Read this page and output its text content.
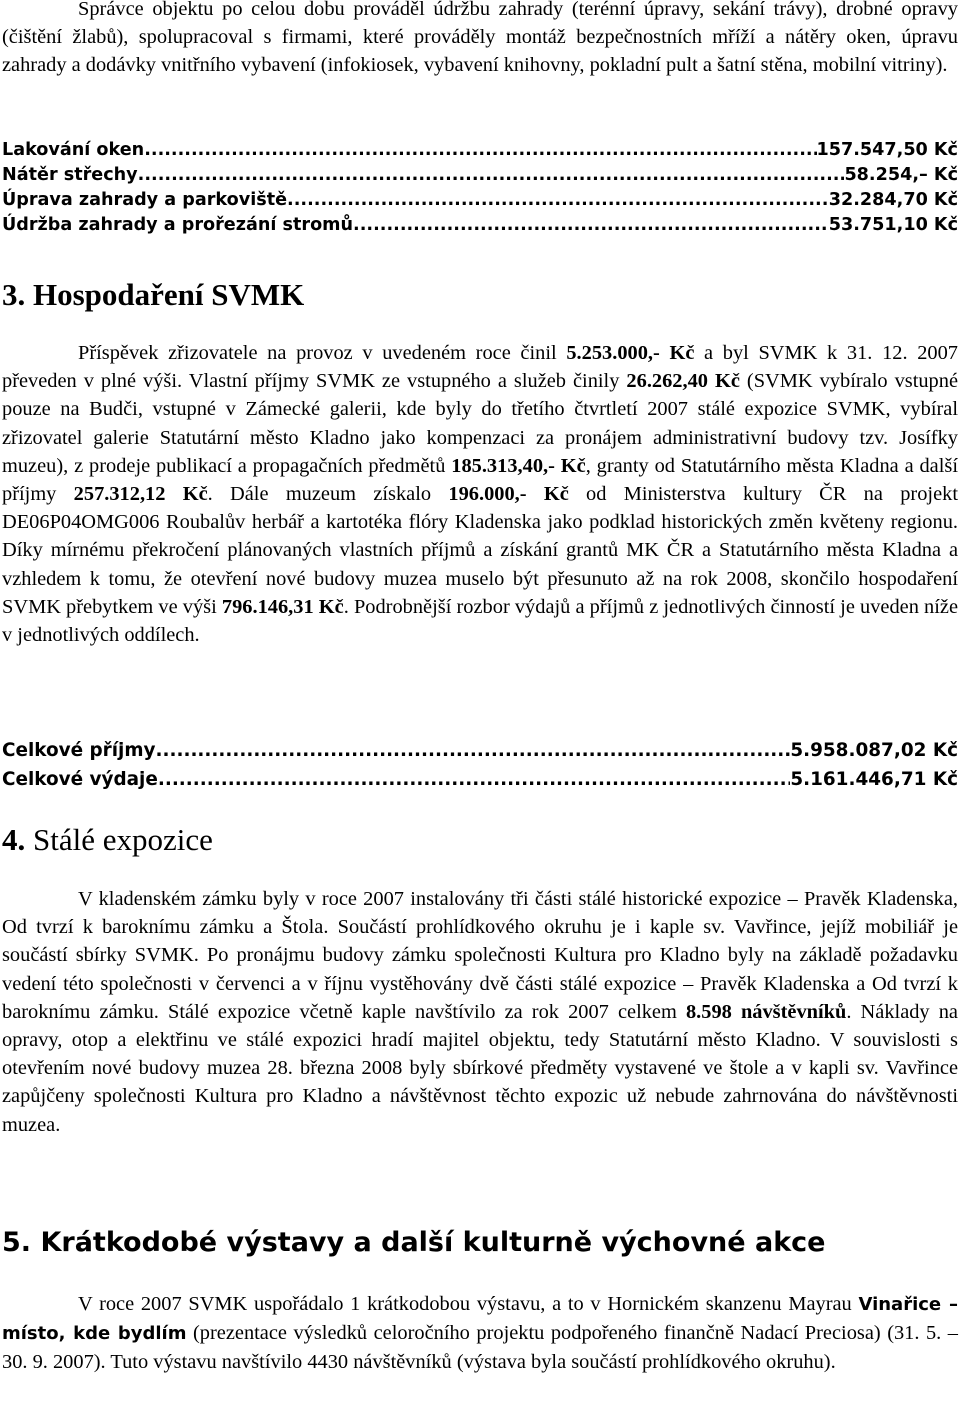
Správce objektu po celou dobu prováděl údržbu zahrady (terénní úpravy, sekání trávy), drobné opravy (čištění žlabů), spolupracoval s firmami, které prováděly montáž bezpečnostních mříží a nátěry oken, úpravu zahrady a dodávky vnitřního vybavení (infokiosek, vybavení knihovny, pokladní pult a šatní stěna, mobilní vitriny).

Lakování oken .....	157.547,50 Kč
Nátěr střechy .....	58.254,– Kč
Úprava zahrady a parkoviště .....	32.284,70 Kč
Údržba zahrady a prořezání stromů .....	53.751,10 Kč
3. Hospodaření SVMK

Příspěvek zřizovatele na provoz v uvedeném roce činil 5.253.000,- Kč a byl SVMK k 31. 12. 2007 převeden v plné výši. Vlastní příjmy SVMK ze vstupného a služeb činily 26.262,40 Kč (SVMK vybíralo vstupné pouze na Budči, vstupné v Zámecké galerii, kde byly do třetího čtvrtletí 2007 stálé expozice SVMK, vybíral zřizovatel galerie Statutární město Kladno jako kompenzaci za pronájem administrativní budovy tzv. Josífky muzeu), z prodeje publikací a propagačních předmětů 185.313,40,- Kč, granty od Statutárního města Kladna a další příjmy 257.312,12 Kč. Dále muzeum získalo 196.000,- Kč od Ministerstva kultury ČR na projekt DE06P04OMG006 Roubalův herbář a kartotéka flóry Kladenska jako podklad historických změn květeny regionu. Díky mírnému překročení plánovaných vlastních příjmů a získání grantů MK ČR a Statutárního města Kladna a vzhledem k tomu, že otevření nové budovy muzea muselo být přesunuto až na rok 2008, skončilo hospodaření SVMK přebytkem ve výši 796.146,31 Kč. Podrobnější rozbor výdajů a příjmů z jednotlivých činností je uveden níže v jednotlivých oddílech.

Celkové příjmy .....	5.958.087,02 Kč
Celkové výdaje .....	5.161.446,71 Kč
4. Stálé expozice

V kladenském zámku byly v roce 2007 instalovány tři části stálé historické expozice – Pravěk Kladenska, Od tvrzí k baroknímu zámku a Štola. Součástí prohlídkového okruhu je i kaple sv. Vavřince, jejíž mobiliář je součástí sbírky SVMK. Po pronájmu budovy zámku společnosti Kultura pro Kladno byly na základě požadavku vedení této společnosti v červenci a v říjnu vystěhovány dvě části stálé expozice – Pravěk Kladenska a Od tvrzí k baroknímu zámku. Stálé expozice včetně kaple navštívilo za rok 2007 celkem 8.598 návštěvníků. Náklady na opravy, otop a elektřinu ve stálé expozici hradí majitel objektu, tedy Statutární město Kladno. V souvislosti s otevřením nové budovy muzea 28. března 2008 byly sbírkové předměty vystavené ve štole a v kapli sv. Vavřince zapůjčeny společnosti Kultura pro Kladno a návštěvnost těchto expozic už nebude zahrnována do návštěvnosti muzea.

5. Krátkodobé výstavy a další kulturně výchovné akce

V roce 2007 SVMK uspořádalo 1 krátkodobou výstavu, a to v Hornickém skanzenu Mayrau Vinařice – místo, kde bydlím (prezentace výsledků celoročního projektu podpořeného finančně Nadací Preciosa) (31. 5. – 30. 9. 2007). Tuto výstavu navštívilo 4430 návštěvníků (výstava byla součástí prohlídkového okruhu).
